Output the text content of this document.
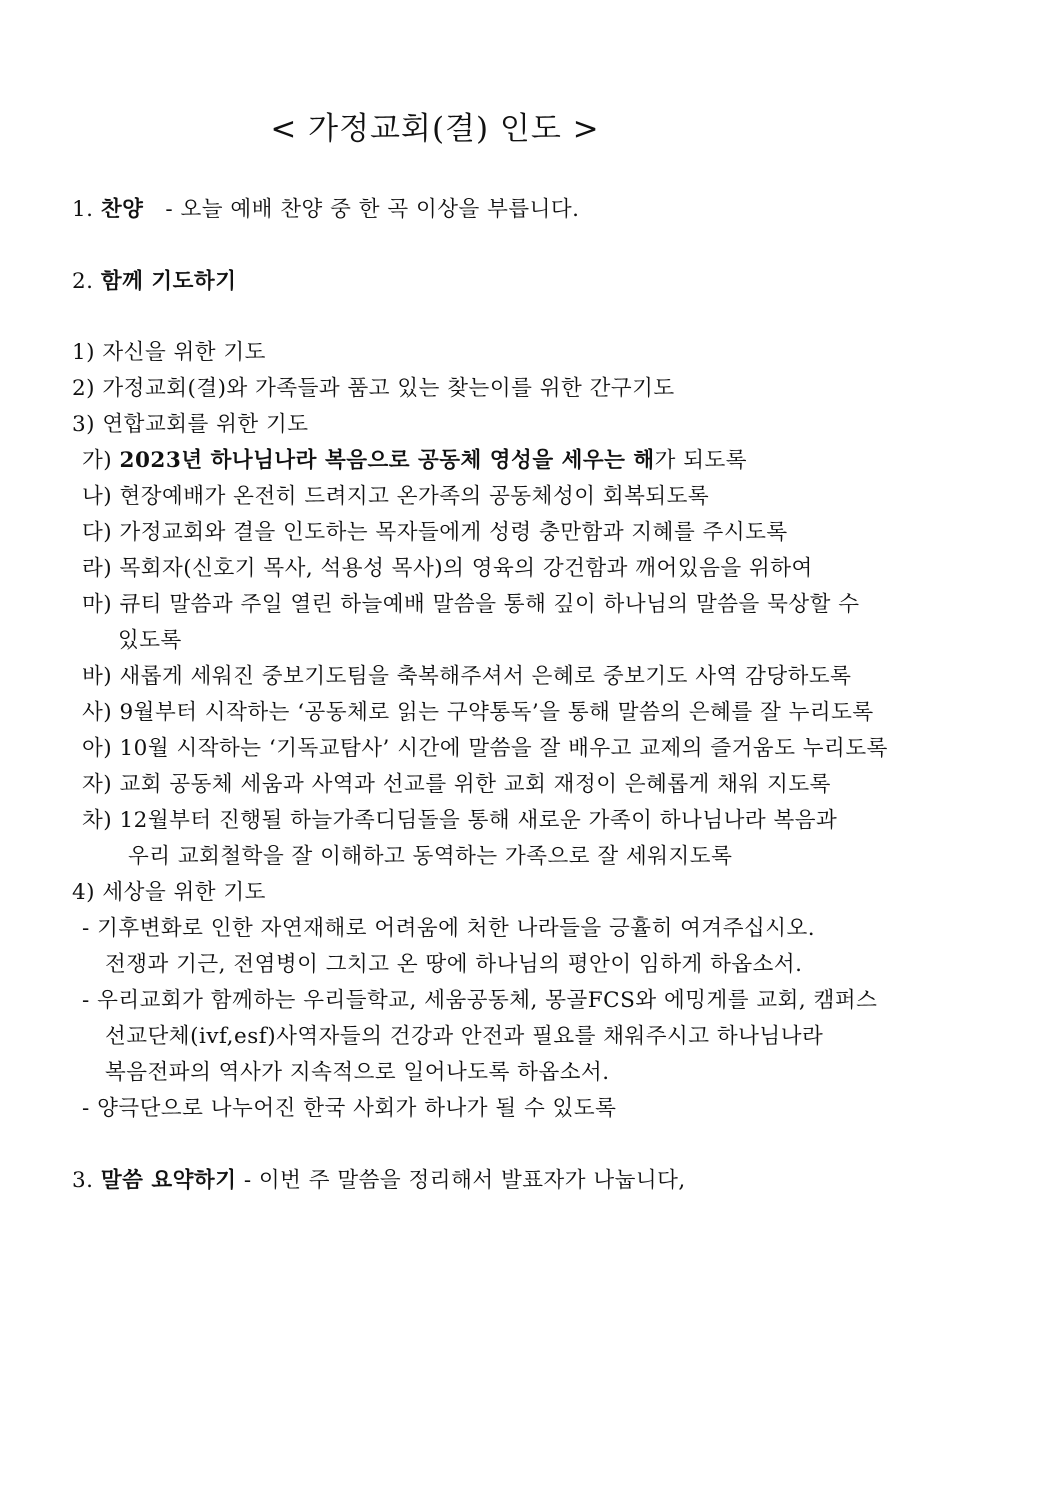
< 가정교회(결) 인도 >
1. 찬양 - 오늘 예배 찬양 중 한 곡 이상을 부릅니다.
2. 함께 기도하기
1) 자신을 위한 기도
2) 가정교회(결)와 가족들과 품고 있는 찾는이를 위한 간구기도
3) 연합교회를 위한 기도
가) 2023년 하나님나라 복음으로 공동체 영성을 세우는 해가 되도록
나) 현장예배가 온전히 드려지고 온가족의 공동체성이 회복되도록
다) 가정교회와 결을 인도하는 목자들에게 성령 충만함과 지혜를 주시도록
라) 목회자(신호기 목사, 석용성 목사)의 영육의 강건함과 깨어있음을 위하여
마) 큐티 말씀과 주일 열린 하늘예배 말씀을 통해 깊이 하나님의 말씀을 묵상할 수
있도록
바) 새롭게 세워진 중보기도팀을 축복해주셔서 은혜로 중보기도 사역 감당하도록
사) 9월부터 시작하는 ‘공동체로 읽는 구약통독’을 통해 말씀의 은혜를 잘 누리도록
아) 10월 시작하는 ‘기독교탐사’ 시간에 말씀을 잘 배우고 교제의 즐거움도 누리도록
자) 교회 공동체 세움과 사역과 선교를 위한 교회 재정이 은혜롭게 채워 지도록
차) 12월부터 진행될 하늘가족디딤돌을 통해 새로운 가족이 하나님나라 복음과
우리 교회철학을 잘 이해하고 동역하는 가족으로 잘 세워지도록
4) 세상을 위한 기도
- 기후변화로 인한 자연재해로 어려움에 처한 나라들을 긍휼히 여겨주십시오.
전쟁과 기근, 전염병이 그치고 온 땅에 하나님의 평안이 임하게 하옵소서.
- 우리교회가 함께하는 우리들학교, 세움공동체, 몽골FCS와 에밍게를 교회, 캠퍼스
선교단체(ivf,esf)사역자들의 건강과 안전과 필요를 채워주시고 하나님나라
복음전파의 역사가 지속적으로 일어나도록 하옵소서.
- 양극단으로 나누어진 한국 사회가 하나가 될 수 있도록
3. 말씀 요약하기 - 이번 주 말씀을 정리해서 발표자가 나눕니다,
